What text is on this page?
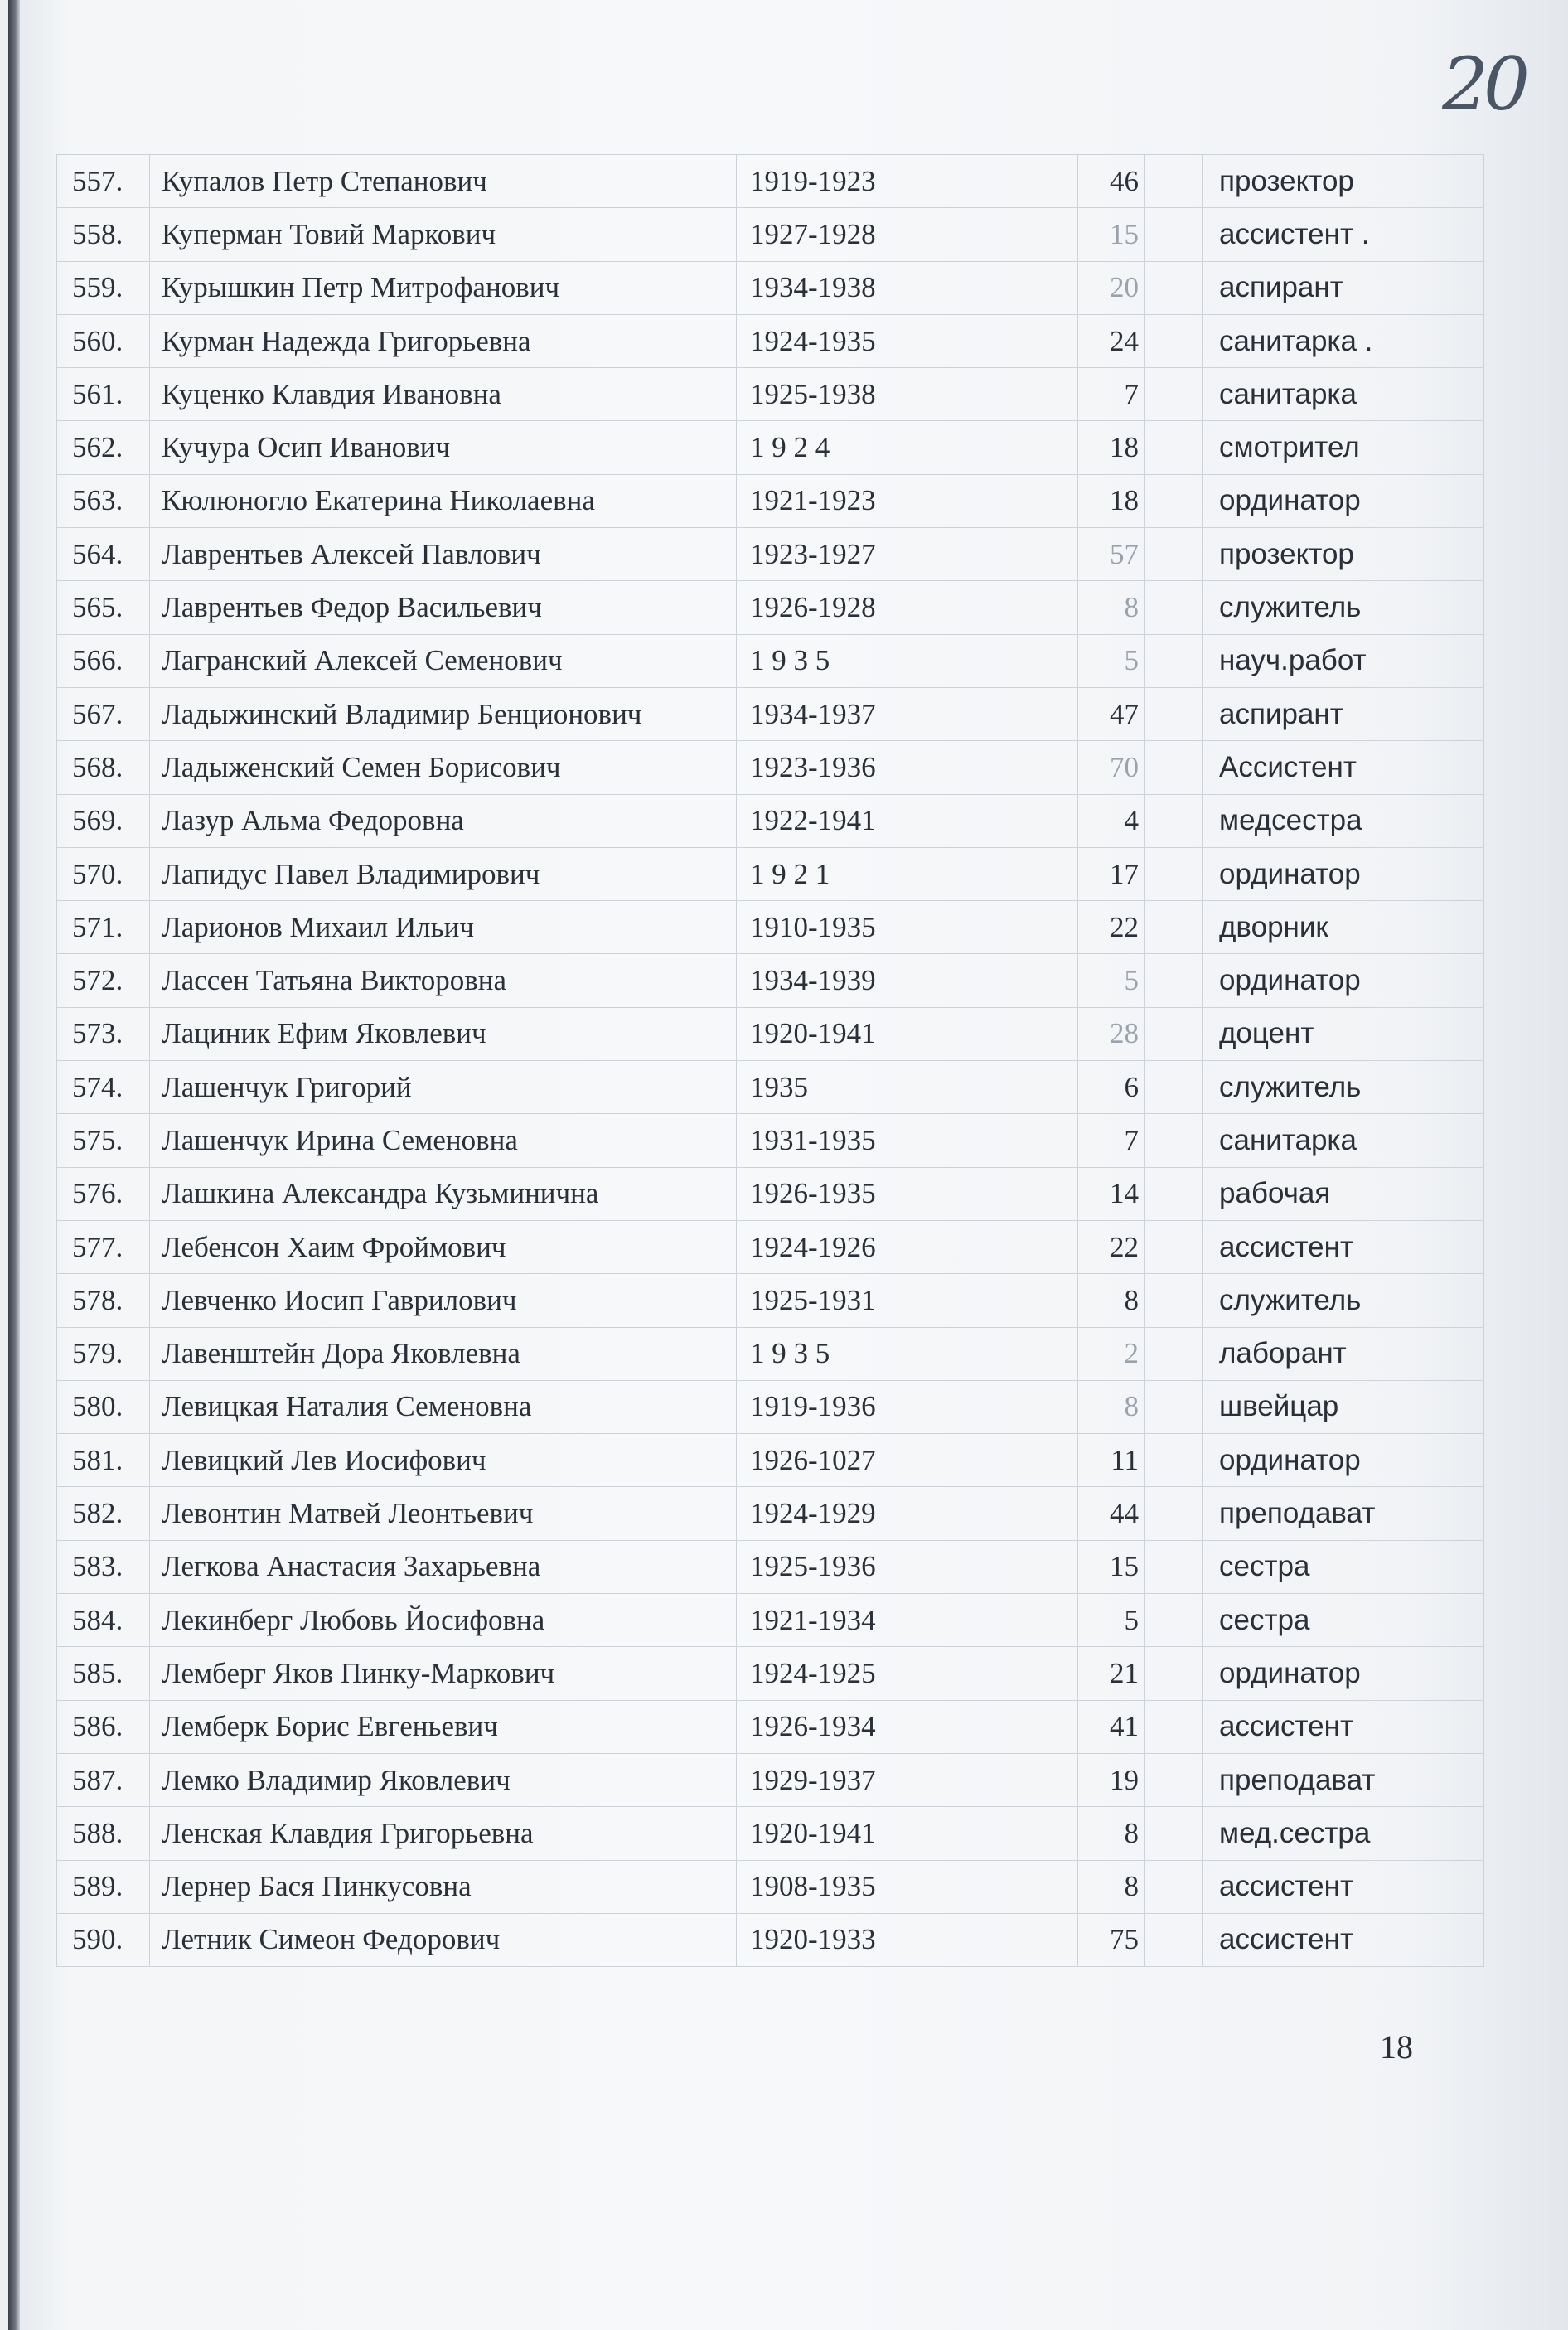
20
557.	Купалов Петр Степанович	1919-1923	46		прозектор
558.	Куперман Товий Маркович	1927-1928	15		ассистент .
559.	Курышкин Петр Митрофанович	1934-1938	20		аспирант
560.	Курман Надежда Григорьевна	1924-1935	24		санитарка .
561.	Куценко Клавдия Ивановна	1925-1938	7		санитарка
562.	Кучура Осип Иванович	1 9 2 4	18		смотрител
563.	Кюлюногло Екатерина Николаевна	1921-1923	18		ординатор
564.	Лаврентьев Алексей Павлович	1923-1927	57		прозектор
565.	Лаврентьев Федор Васильевич	1926-1928	8		служитель
566.	Лагранский Алексей Семенович	1 9 3 5	5		науч.работ
567.	Ладыжинский Владимир Бенционович	1934-1937	47		аспирант
568.	Ладыженский Семен Борисович	1923-1936	70		Ассистент
569.	Лазур Альма Федоровна	1922-1941	4		медсестра
570.	Лапидус Павел Владимирович	1 9 2 1	17		ординатор
571.	Ларионов Михаил Ильич	1910-1935	22		дворник
572.	Лассен Татьяна Викторовна	1934-1939	5		ординатор
573.	Лациник Ефим Яковлевич	1920-1941	28		доцент
574.	Лашенчук Григорий	1935	6		служитель
575.	Лашенчук Ирина Семеновна	1931-1935	7		санитарка
576.	Лашкина Александра Кузьминична	1926-1935	14		рабочая
577.	Лебенсон Хаим Фроймович	1924-1926	22		ассистент
578.	Левченко Иосип Гаврилович	1925-1931	8		служитель
579.	Лавенштейн Дора Яковлевна	1 9 3 5	2		лаборант
580.	Левицкая Наталия Семеновна	1919-1936	8		швейцар
581.	Левицкий Лев Иосифович	1926-1027	11		ординатор
582.	Левонтин Матвей Леонтьевич	1924-1929	44		преподават
583.	Легкова Анастасия Захарьевна	1925-1936	15		сестра
584.	Лекинберг Любовь Йосифовна	1921-1934	5		сестра
585.	Лемберг Яков Пинку-Маркович	1924-1925	21		ординатор
586.	Лемберк Борис Евгеньевич	1926-1934	41		ассистент
587.	Лемко Владимир Яковлевич	1929-1937	19		преподават
588.	Ленская Клавдия Григорьевна	1920-1941	8		мед.сестра
589.	Лернер Бася Пинкусовна	1908-1935	8		ассистент
590.	Летник Симеон Федорович	1920-1933	75		ассистент
18
